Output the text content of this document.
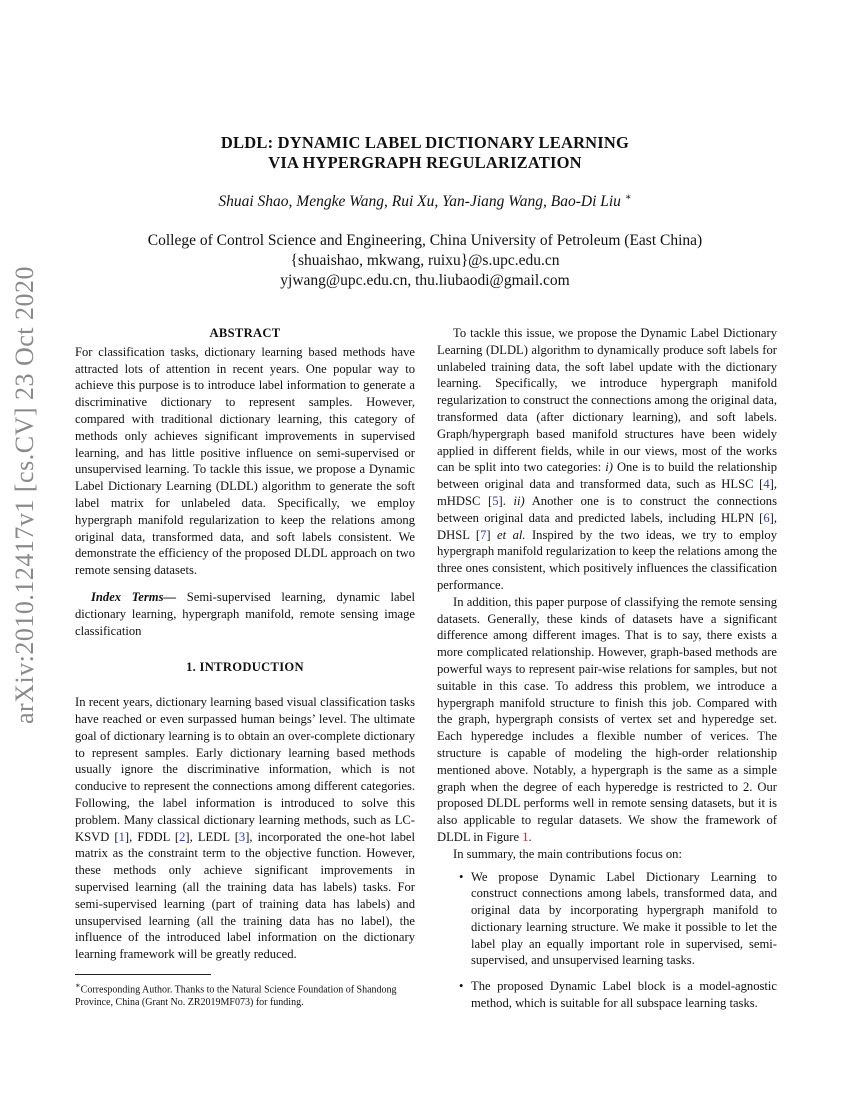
arXiv:2010.12417v1 [cs.CV] 23 Oct 2020
DLDL: DYNAMIC LABEL DICTIONARY LEARNING
VIA HYPERGRAPH REGULARIZATION
Shuai Shao, Mengke Wang, Rui Xu, Yan-Jiang Wang, Bao-Di Liu ∗
College of Control Science and Engineering, China University of Petroleum (East China)
{shuaishao, mkwang, ruixu}@s.upc.edu.cn
yjwang@upc.edu.cn, thu.liubaodi@gmail.com
ABSTRACT

For classification tasks, dictionary learning based methods have attracted lots of attention in recent years. One popular way to achieve this purpose is to introduce label information to generate a discriminative dictionary to represent samples. However, compared with traditional dictionary learning, this category of methods only achieves significant improvements in supervised learning, and has little positive influence on semi-supervised or unsupervised learning. To tackle this issue, we propose a Dynamic Label Dictionary Learning (DLDL) algorithm to generate the soft label matrix for unlabeled data. Specifically, we employ hypergraph manifold regularization to keep the relations among original data, transformed data, and soft labels consistent. We demonstrate the efficiency of the proposed DLDL approach on two remote sensing datasets.

Index Terms— Semi-supervised learning, dynamic label dictionary learning, hypergraph manifold, remote sensing image classification

1. INTRODUCTION

In recent years, dictionary learning based visual classification tasks have reached or even surpassed human beings’ level. The ultimate goal of dictionary learning is to obtain an over-complete dictionary to represent samples. Early dictionary learning based methods usually ignore the discriminative information, which is not conducive to represent the connections among different categories. Following, the label information is introduced to solve this problem. Many classical dictionary learning methods, such as LC-KSVD [1], FDDL [2], LEDL [3], incorporated the one-hot label matrix as the constraint term to the objective function. However, these methods only achieve significant improvements in supervised learning (all the training data has labels) tasks. For semi-supervised learning (part of training data has labels) and unsupervised learning (all the training data has no label), the influence of the introduced label information on the dictionary learning framework will be greatly reduced.

∗Corresponding Author. Thanks to the Natural Science Foundation of Shandong Province, China (Grant No. ZR2019MF073) for funding.

To tackle this issue, we propose the Dynamic Label Dictionary Learning (DLDL) algorithm to dynamically produce soft labels for unlabeled training data, the soft label update with the dictionary learning. Specifically, we introduce hypergraph manifold regularization to construct the connections among the original data, transformed data (after dictionary learning), and soft labels. Graph/hypergraph based manifold structures have been widely applied in different fields, while in our views, most of the works can be split into two categories: i) One is to build the relationship between original data and transformed data, such as HLSC [4], mHDSC [5]. ii) Another one is to construct the connections between original data and predicted labels, including HLPN [6], DHSL [7] et al. Inspired by the two ideas, we try to employ hypergraph manifold regularization to keep the relations among the three ones consistent, which positively influences the classification performance.

In addition, this paper purpose of classifying the remote sensing datasets. Generally, these kinds of datasets have a significant difference among different images. That is to say, there exists a more complicated relationship. However, graph-based methods are powerful ways to represent pair-wise relations for samples, but not suitable in this case. To address this problem, we introduce a hypergraph manifold structure to finish this job. Compared with the graph, hypergraph consists of vertex set and hyperedge set. Each hyperedge includes a flexible number of verices. The structure is capable of modeling the high-order relationship mentioned above. Notably, a hypergraph is the same as a simple graph when the degree of each hyperedge is restricted to 2. Our proposed DLDL performs well in remote sensing datasets, but it is also applicable to regular datasets. We show the framework of DLDL in Figure 1.

In summary, the main contributions focus on:

• We propose Dynamic Label Dictionary Learning to construct connections among labels, transformed data, and original data by incorporating hypergraph manifold to dictionary learning structure. We make it possible to let the label play an equally important role in supervised, semi-supervised, and unsupervised learning tasks.
• The proposed Dynamic Label block is a model-agnostic method, which is suitable for all subspace learning tasks.
